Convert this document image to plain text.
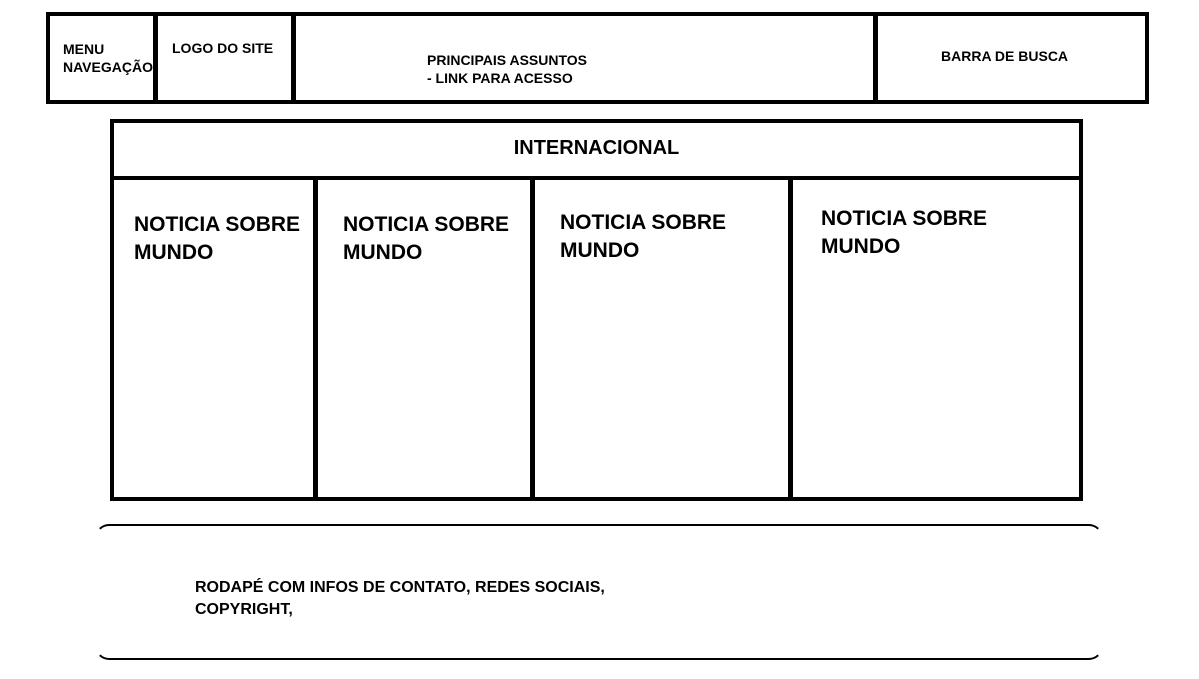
MENU
NAVEGAÇÃO
LOGO DO SITE
PRINCIPAIS ASSUNTOS
- LINK PARA ACESSO
BARRA DE BUSCA
INTERNACIONAL
NOTICIA SOBRE
MUNDO
NOTICIA SOBRE
MUNDO
NOTICIA SOBRE
MUNDO
NOTICIA SOBRE
MUNDO
RODAPÉ COM INFOS DE CONTATO, REDES SOCIAIS,
COPYRIGHT,
